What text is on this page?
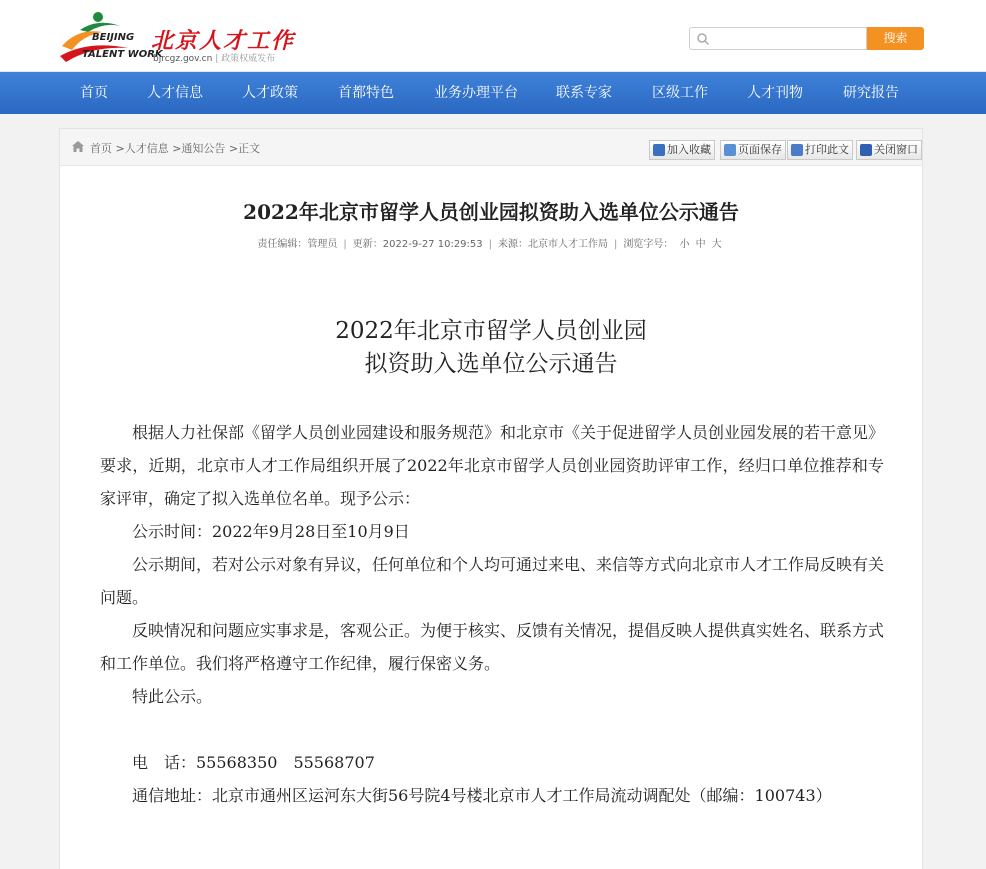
BEIJING
TALENT WORK
北京人才工作
bjrcgz.gov.cn | 政策权威发布
搜索
首页	人才信息	人才政策	首都特色	业务办理平台	联系专家	区级工作	人才刊物	研究报告
首页 >人才信息 >通知公告 >正文	加入收藏	页面保存	打印此文	关闭窗口
2022年北京市留学人员创业园拟资助入选单位公示通告
责任编辑：管理员 | 更新：2022-9-27 10:29:53 | 来源：北京市人才工作局 | 浏览字号： 小 中 大
2022年北京市留学人员创业园
拟资助入选单位公示通告

根据人力社保部《留学人员创业园建设和服务规范》和北京市《关于促进留学人员创业园发展的若干意见》要求，近期，北京市人才工作局组织开展了2022年北京市留学人员创业园资助评审工作，经归口单位推荐和专家评审，确定了拟入选单位名单。现予公示：

公示时间：2022年9月28日至10月9日

公示期间，若对公示对象有异议，任何单位和个人均可通过来电、来信等方式向北京市人才工作局反映有关问题。

反映情况和问题应实事求是，客观公正。为便于核实、反馈有关情况，提倡反映人提供真实姓名、联系方式和工作单位。我们将严格遵守工作纪律，履行保密义务。

特此公示。

电　话：55568350　55568707

通信地址：北京市通州区运河东大街56号院4号楼北京市人才工作局流动调配处（邮编：100743）
